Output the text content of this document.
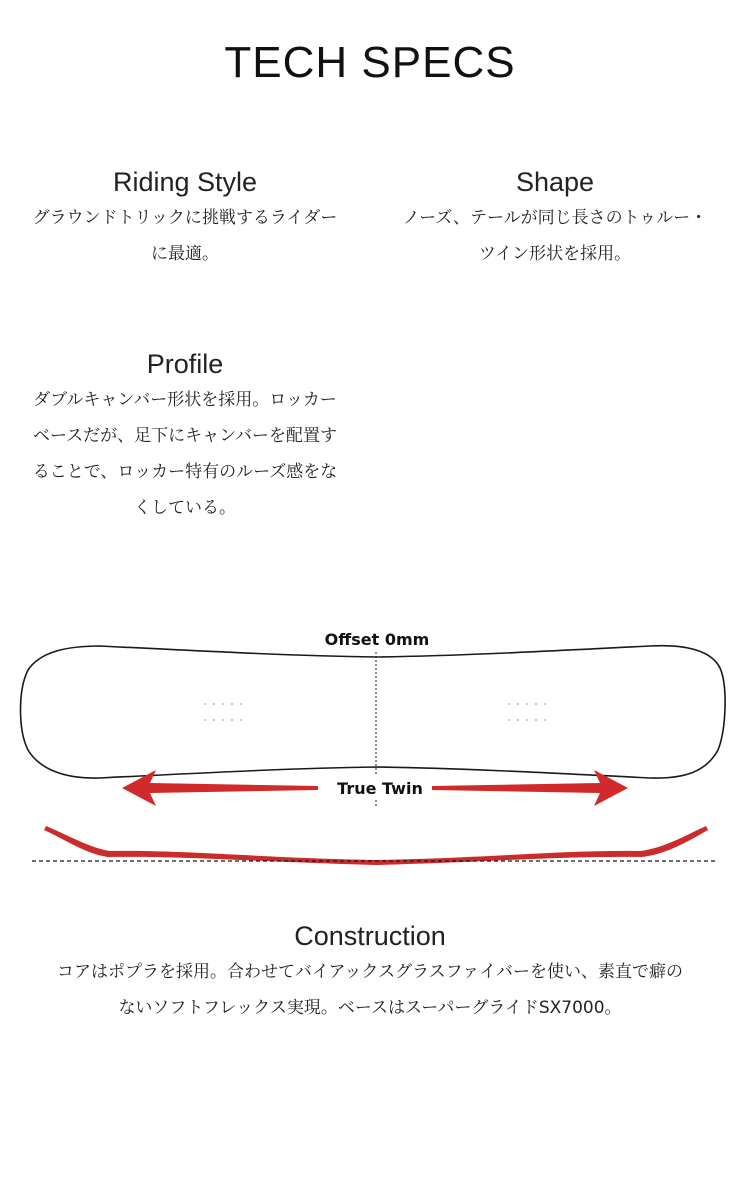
TECH SPECS
Riding Style

グラウンドトリックに挑戦するライダー

に最適。

Shape

ノーズ、テールが同じ長さのトゥルー・

ツイン形状を採用。

Profile

ダブルキャンバー形状を採用。ロッカー

ベースだが、足下にキャンバーを配置す

ることで、ロッカー特有のルーズ感をな

くしている。

Offset 0mm
True Twin
Construction

コアはポプラを採用。合わせてバイアックスグラスファイバーを使い、素直で癖の

ないソフトフレックス実現。ベースはスーパーグライドSX7000。
